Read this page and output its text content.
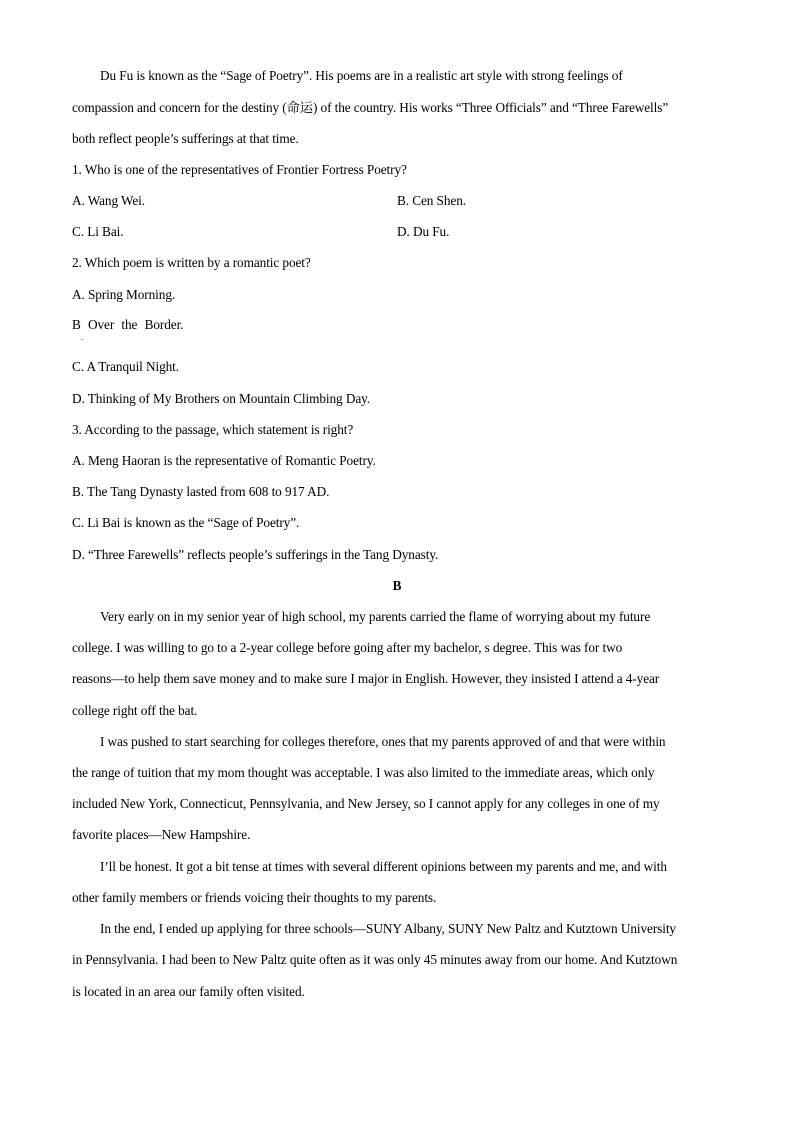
Du Fu is known as the “Sage of Poetry”. His poems are in a realistic art style with strong feelings of
compassion and concern for the destiny (命运) of the country. His works “Three Officials” and “Three Farewells”
both reflect people’s sufferings at that time.
1. Who is one of the representatives of Frontier Fortress Poetry?
A. Wang Wei.	B. Cen Shen.
C. Li Bai.	D. Du Fu.
2. Which poem is written by a romantic poet?
A. Spring Morning.
B Over the Border.
.
C. A Tranquil Night.
D. Thinking of My Brothers on Mountain Climbing Day.
3. According to the passage, which statement is right?
A. Meng Haoran is the representative of Romantic Poetry.
B. The Tang Dynasty lasted from 608 to 917 AD.
C. Li Bai is known as the “Sage of Poetry”.
D. “Three Farewells” reflects people’s sufferings in the Tang Dynasty.
B
Very early on in my senior year of high school, my parents carried the flame of worrying about my future
college. I was willing to go to a 2-year college before going after my bachelor, s degree. This was for two
reasons—to help them save money and to make sure I major in English. However, they insisted I attend a 4-year
college right off the bat.
I was pushed to start searching for colleges therefore, ones that my parents approved of and that were within
the range of tuition that my mom thought was acceptable. I was also limited to the immediate areas, which only
included New York, Connecticut, Pennsylvania, and New Jersey, so I cannot apply for any colleges in one of my
favorite places—New Hampshire.
I’ll be honest. It got a bit tense at times with several different opinions between my parents and me, and with
other family members or friends voicing their thoughts to my parents.
In the end, I ended up applying for three schools—SUNY Albany, SUNY New Paltz and Kutztown University
in Pennsylvania. I had been to New Paltz quite often as it was only 45 minutes away from our home. And Kutztown
is located in an area our family often visited.
